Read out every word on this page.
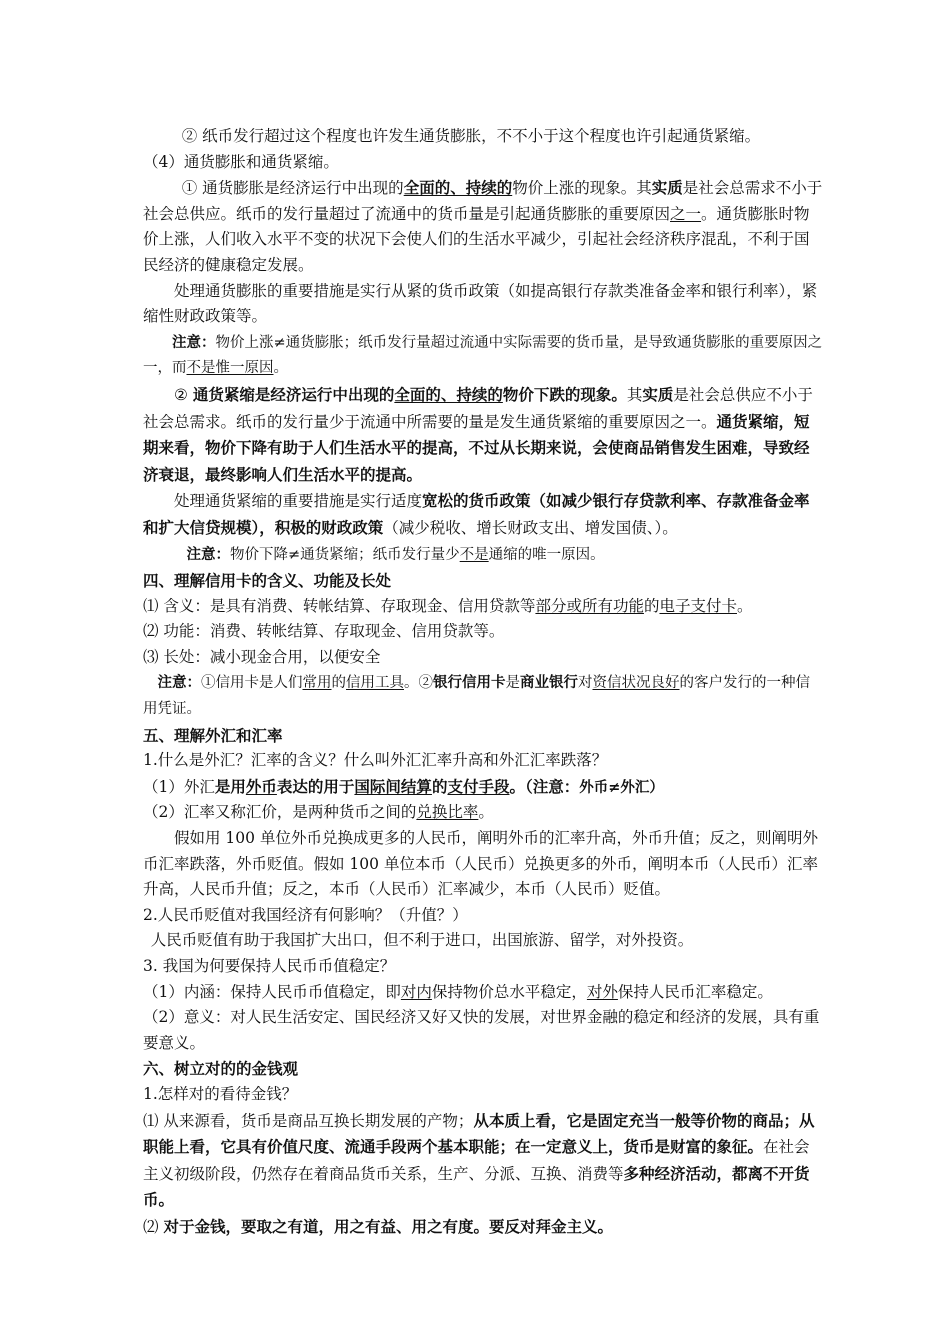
② 纸币发行超过这个程度也许发生通货膨胀，不不小于这个程度也许引起通货紧缩。

（4）通货膨胀和通货紧缩。

① 通货膨胀是经济运行中出现的全面的、持续的物价上涨的现象。其实质是社会总需求不小于社会总供应。纸币的发行量超过了流通中的货币量是引起通货膨胀的重要原因之一。通货膨胀时物价上涨，人们收入水平不变的状况下会使人们的生活水平减少，引起社会经济秩序混乱，不利于国民经济的健康稳定发展。

处理通货膨胀的重要措施是实行从紧的货币政策（如提高银行存款类准备金率和银行利率），紧缩性财政政策等。

注意：物价上涨≠通货膨胀；纸币发行量超过流通中实际需要的货币量，是导致通货膨胀的重要原因之一，而不是惟一原因。

② 通货紧缩是经济运行中出现的全面的、持续的物价下跌的现象。其实质是社会总供应不小于社会总需求。纸币的发行量少于流通中所需要的量是发生通货紧缩的重要原因之一。通货紧缩，短期来看，物价下降有助于人们生活水平的提高，不过从长期来说，会使商品销售发生困难，导致经济衰退，最终影响人们生活水平的提高。

处理通货紧缩的重要措施是实行适度宽松的货币政策（如减少银行存贷款利率、存款准备金率和扩大信贷规模），积极的财政政策（减少税收、增长财政支出、增发国债、）。

注意：物价下降≠通货紧缩；纸币发行量少不是通缩的唯一原因。

四、理解信用卡的含义、功能及长处

⑴ 含义：是具有消费、转帐结算、存取现金、信用贷款等部分或所有功能的电子支付卡。

⑵ 功能：消费、转帐结算、存取现金、信用贷款等。

⑶ 长处：减小现金合用，以便安全

注意：①信用卡是人们常用的信用工具。②银行信用卡是商业银行对资信状况良好的客户发行的一种信用凭证。

五、理解外汇和汇率

1.什么是外汇？汇率的含义？什么叫外汇汇率升高和外汇汇率跌落？

（1）外汇是用外币表达的用于国际间结算的支付手段。（注意：外币≠外汇）

（2）汇率又称汇价，是两种货币之间的兑换比率。

假如用 100 单位外币兑换成更多的人民币，阐明外币的汇率升高，外币升值；反之，则阐明外币汇率跌落，外币贬值。假如 100 单位本币（人民币）兑换更多的外币，阐明本币（人民币）汇率升高，人民币升值；反之，本币（人民币）汇率减少，本币（人民币）贬值。

2.人民币贬值对我国经济有何影响？（升值？）

人民币贬值有助于我国扩大出口，但不利于进口，出国旅游、留学，对外投资。

3. 我国为何要保持人民币币值稳定？

（1）内涵：保持人民币币值稳定，即对内保持物价总水平稳定，对外保持人民币汇率稳定。

（2）意义：对人民生活安定、国民经济又好又快的发展，对世界金融的稳定和经济的发展，具有重要意义。

六、树立对的的金钱观

1.怎样对的看待金钱？

⑴ 从来源看，货币是商品互换长期发展的产物；从本质上看，它是固定充当一般等价物的商品；从职能上看，它具有价值尺度、流通手段两个基本职能；在一定意义上，货币是财富的象征。在社会主义初级阶段，仍然存在着商品货币关系，生产、分派、互换、消费等多种经济活动，都离不开货币。

⑵ 对于金钱，要取之有道，用之有益、用之有度。要反对拜金主义。
